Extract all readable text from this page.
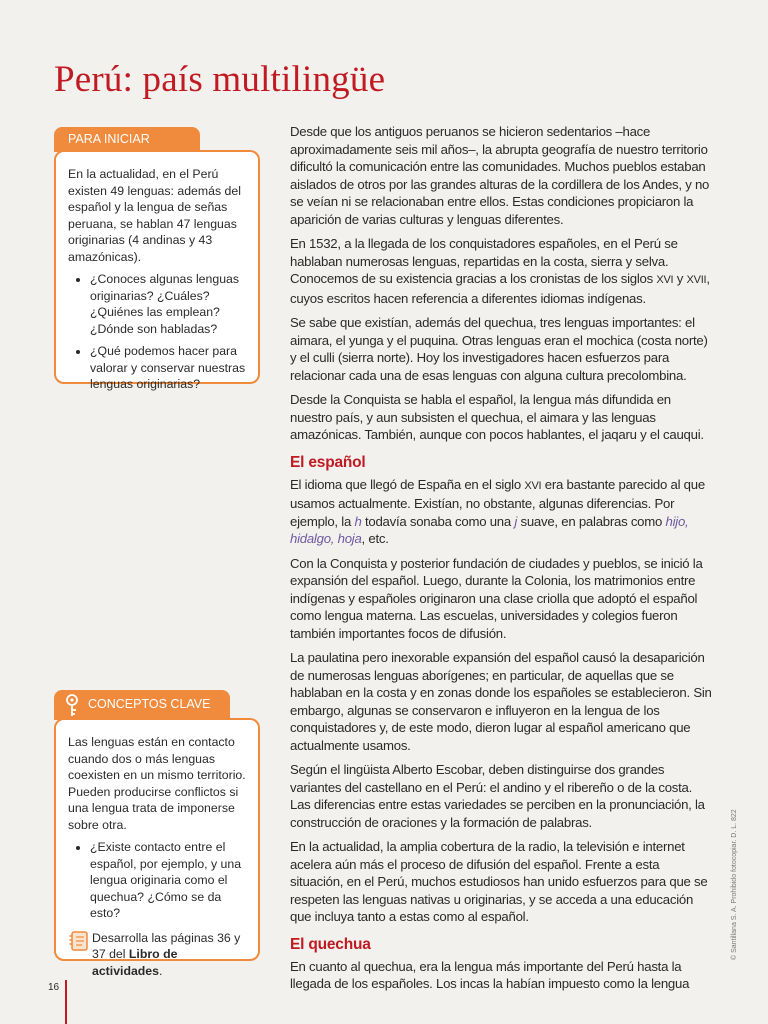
Perú: país multilingüe
PARA INICIAR

En la actualidad, en el Perú existen 49 lenguas: además del español y la lengua de señas peruana, se hablan 47 lenguas originarias (4 andinas y 43 amazónicas).

• ¿Conoces algunas lenguas originarias? ¿Cuáles? ¿Quiénes las emplean? ¿Dónde son habladas?
• ¿Qué podemos hacer para valorar y conservar nuestras lenguas originarias?
CONCEPTOS CLAVE

Las lenguas están en contacto cuando dos o más lenguas coexisten en un mismo territorio. Pueden producirse conflictos si una lengua trata de imponerse sobre otra.

• ¿Existe contacto entre el español, por ejemplo, y una lengua originaria como el quechua? ¿Cómo se da esto?
Desarrolla las páginas 36 y 37 del Libro de actividades.

Desde que los antiguos peruanos se hicieron sedentarios –hace aproximadamente seis mil años–, la abrupta geografía de nuestro territorio dificultó la comunicación entre las comunidades. Muchos pueblos estaban aislados de otros por las grandes alturas de la cordillera de los Andes, y no se veían ni se relacionaban entre ellos. Estas condiciones propiciaron la aparición de varias culturas y lenguas diferentes.

En 1532, a la llegada de los conquistadores españoles, en el Perú se hablaban numerosas lenguas, repartidas en la costa, sierra y selva. Conocemos de su existencia gracias a los cronistas de los siglos XVI y XVII, cuyos escritos hacen referencia a diferentes idiomas indígenas.

Se sabe que existían, además del quechua, tres lenguas importantes: el aimara, el yunga y el puquina. Otras lenguas eran el mochica (costa norte) y el culli (sierra norte). Hoy los investigadores hacen esfuerzos para relacionar cada una de esas lenguas con alguna cultura precolombina.

Desde la Conquista se habla el español, la lengua más difundida en nuestro país, y aun subsisten el quechua, el aimara y las lenguas amazónicas. También, aunque con pocos hablantes, el jaqaru y el cauqui.

El español

El idioma que llegó de España en el siglo XVI era bastante parecido al que usamos actualmente. Existían, no obstante, algunas diferencias. Por ejemplo, la h todavía sonaba como una j suave, en palabras como hijo, hidalgo, hoja, etc.

Con la Conquista y posterior fundación de ciudades y pueblos, se inició la expansión del español. Luego, durante la Colonia, los matrimonios entre indígenas y españoles originaron una clase criolla que adoptó el español como lengua materna. Las escuelas, universidades y colegios fueron también importantes focos de difusión.

La paulatina pero inexorable expansión del español causó la desaparición de numerosas lenguas aborígenes; en particular, de aquellas que se hablaban en la costa y en zonas donde los españoles se establecieron. Sin embargo, algunas se conservaron e influyeron en la lengua de los conquistadores y, de este modo, dieron lugar al español americano que actualmente usamos.

Según el lingüista Alberto Escobar, deben distinguirse dos grandes variantes del castellano en el Perú: el andino y el ribereño o de la costa. Las diferencias entre estas variedades se perciben en la pronunciación, la construcción de oraciones y la formación de palabras.

En la actualidad, la amplia cobertura de la radio, la televisión e internet acelera aún más el proceso de difusión del español. Frente a esta situación, en el Perú, muchos estudiosos han unido esfuerzos para que se respeten las lenguas nativas u originarias, y se acceda a una educación que incluya tanto a estas como al español.

El quechua

En cuanto al quechua, era la lengua más importante del Perú hasta la llegada de los españoles. Los incas la habían impuesto como la lengua

16
© Santillana S. A. Prohibido fotocopiar. D. L. 822
